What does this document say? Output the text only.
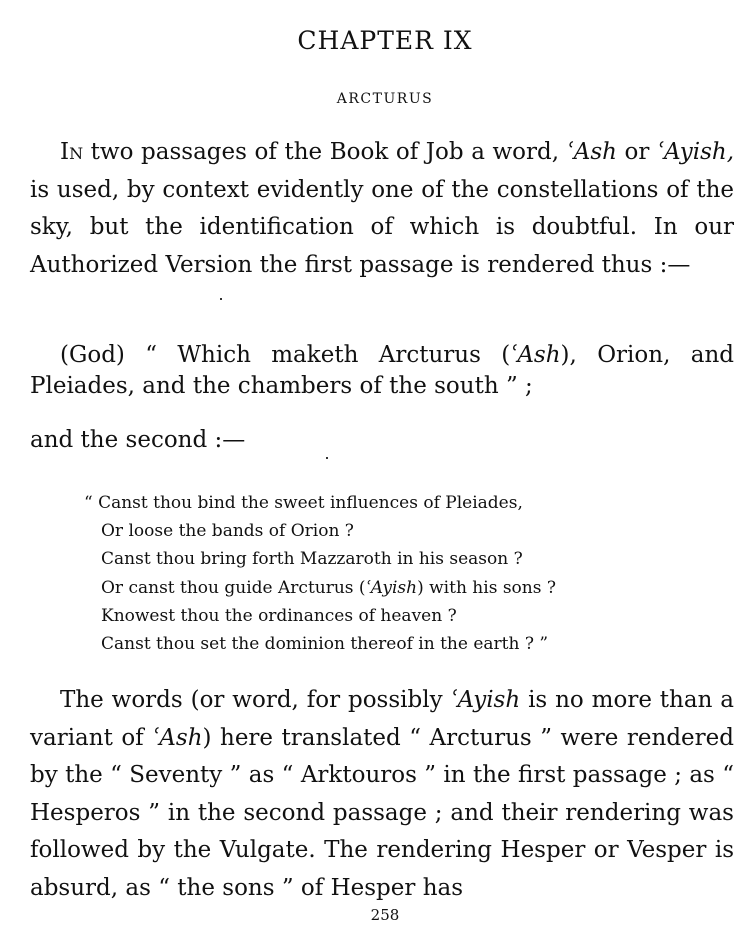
CHAPTER IX
ARCTURUS
In two passages of the Book of Job a word, ʿAsh or ʿAyish, is used, by context evidently one of the constellations of the sky, but the identification of which is doubtful. In our Authorized Version the first passage is rendered thus :—
(God) “ Which maketh Arcturus (ʿAsh), Orion, and Pleiades, and the chambers of the south ” ;
and the second :—
“ Canst thou bind the sweet influences of Pleiades,
Or loose the bands of Orion ?
Canst thou bring forth Mazzaroth in his season ?
Or canst thou guide Arcturus (ʿAyish) with his sons ?
Knowest thou the ordinances of heaven ?
Canst thou set the dominion thereof in the earth ? ”
The words (or word, for possibly ʿAyish is no more than a variant of ʿAsh) here translated “ Arcturus ” were rendered by the “ Seventy ” as “ Arktouros ” in the first passage ; as “ Hesperos ” in the second passage ; and their rendering was followed by the Vulgate. The rendering Hesper or Vesper is absurd, as “ the sons ” of Hesper has
258
